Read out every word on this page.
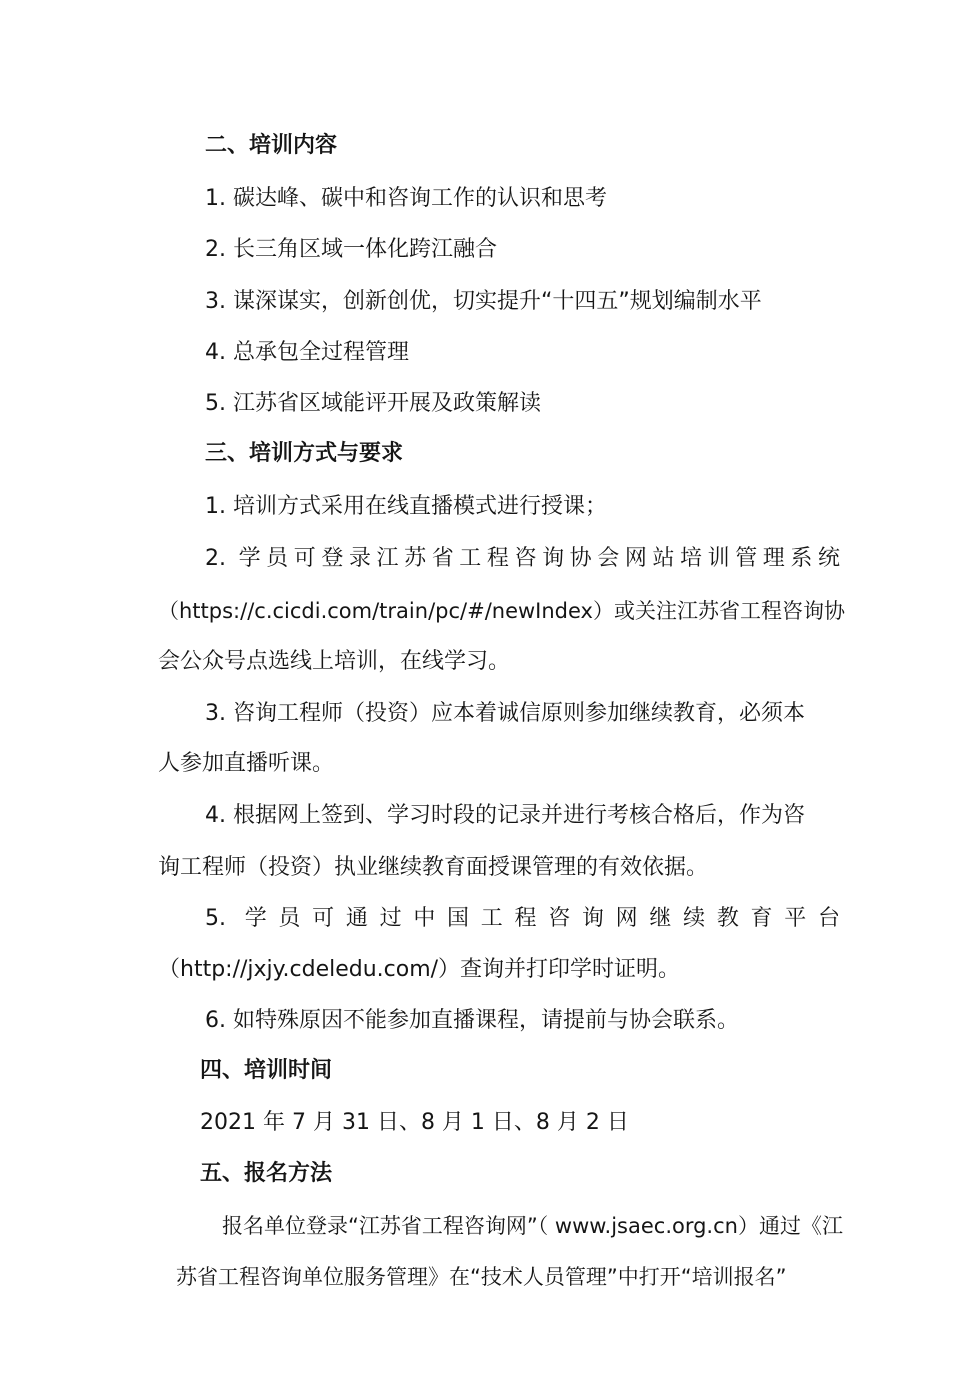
二、培训内容
1. 碳达峰、碳中和咨询工作的认识和思考
2. 长三角区域一体化跨江融合
3. 谋深谋实，创新创优，切实提升“十四五”规划编制水平
4. 总承包全过程管理
5. 江苏省区域能评开展及政策解读
三、培训方式与要求
1. 培训方式采用在线直播模式进行授课；
2. 学员可登录江苏省工程咨询协会网站培训管理系统
（https://c.cicdi.com/train/pc/#/newIndex）或关注江苏省工程咨询协
会公众号点选线上培训，在线学习。
3. 咨询工程师（投资）应本着诚信原则参加继续教育，必须本
人参加直播听课。
4. 根据网上签到、学习时段的记录并进行考核合格后，作为咨
询工程师（投资）执业继续教育面授课管理的有效依据。
5. 学员可通过中国工程咨询网继续教育平台
（http://jxjy.cdeledu.com/）查询并打印学时证明。
6. 如特殊原因不能参加直播课程，请提前与协会联系。
四、培训时间
2021 年 7 月 31 日、8 月 1 日、8 月 2 日
五、报名方法
报名单位登录“江苏省工程咨询网”（ www.jsaec.org.cn）通过《江
苏省工程咨询单位服务管理》在“技术人员管理”中打开“培训报名”
